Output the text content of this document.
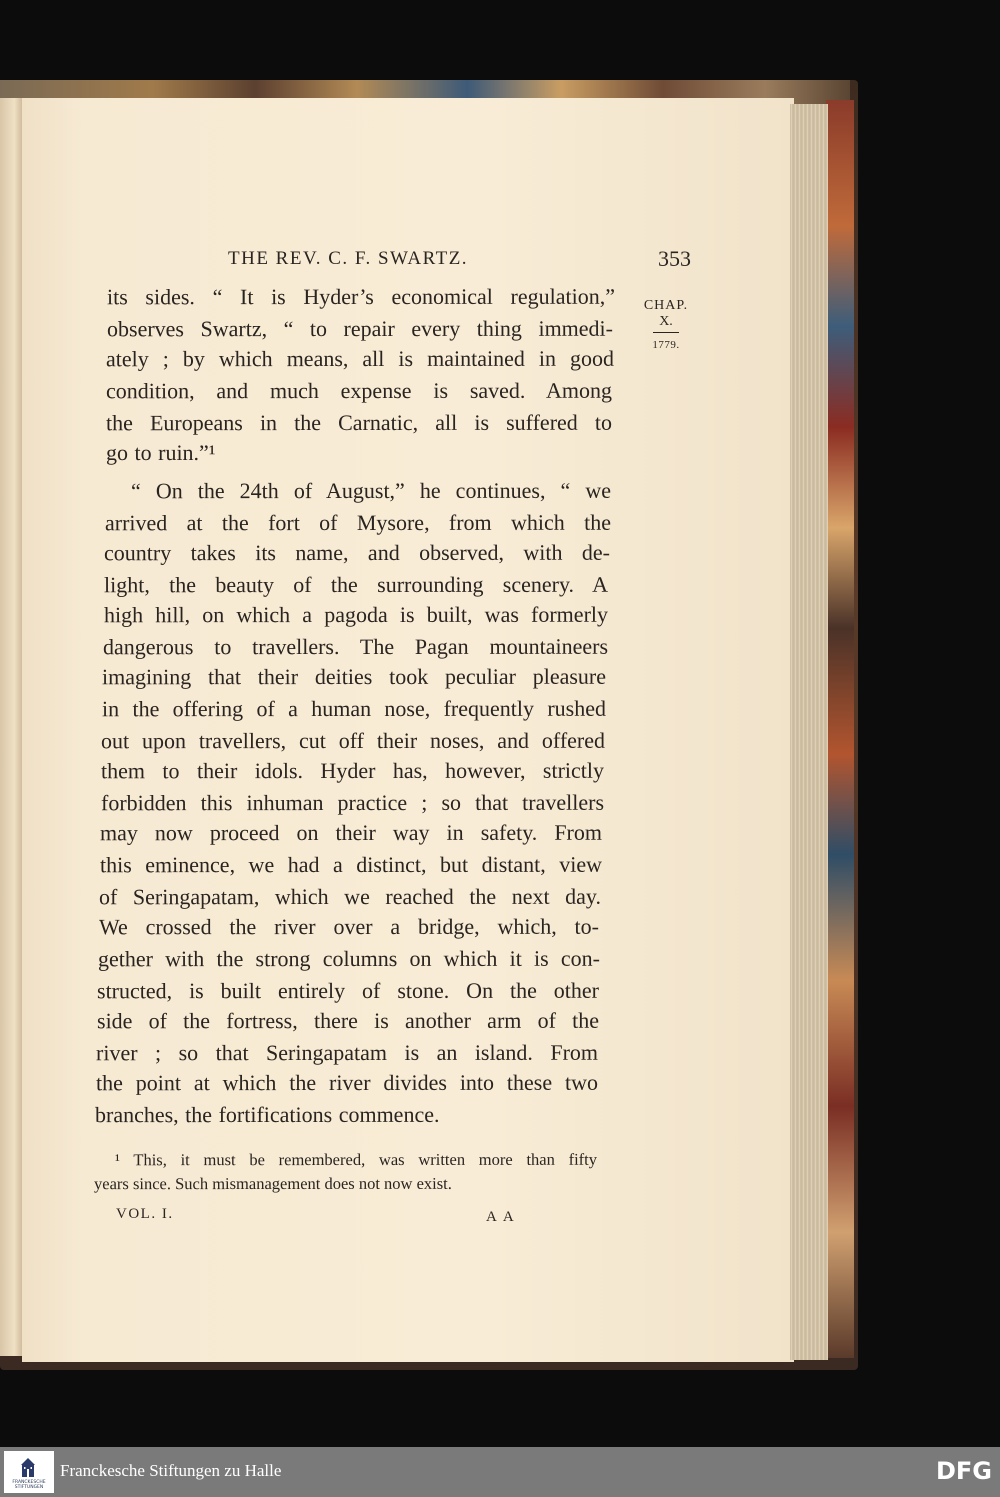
THE REV. C. F. SWARTZ.	353
CHAP.
X.
1779.
its sides. “ It is Hyder’s economical regulation,”
observes Swartz, “ to repair every thing immedi-
ately ; by which means, all is maintained in good
condition, and much expense is saved. Among
the Europeans in the Carnatic, all is suffered to
go to ruin.”¹
“ On the 24th of August,” he continues, “ we
arrived at the fort of Mysore, from which the
country takes its name, and observed, with de-
light, the beauty of the surrounding scenery. A
high hill, on which a pagoda is built, was formerly
dangerous to travellers. The Pagan mountaineers
imagining that their deities took peculiar pleasure
in the offering of a human nose, frequently rushed
out upon travellers, cut off their noses, and offered
them to their idols. Hyder has, however, strictly
forbidden this inhuman practice ; so that travellers
may now proceed on their way in safety. From
this eminence, we had a distinct, but distant, view
of Seringapatam, which we reached the next day.
We crossed the river over a bridge, which, to-
gether with the strong columns on which it is con-
structed, is built entirely of stone. On the other
side of the fortress, there is another arm of the
river ; so that Seringapatam is an island. From
the point at which the river divides into these two
branches, the fortifications commence.
¹ This, it must be remembered, was written more than fifty
years since. Such mismanagement does not now exist.
VOL. I.	A A
FRANCKESCHE STIFTUNGEN
Franckesche Stiftungen zu Halle	DFG
